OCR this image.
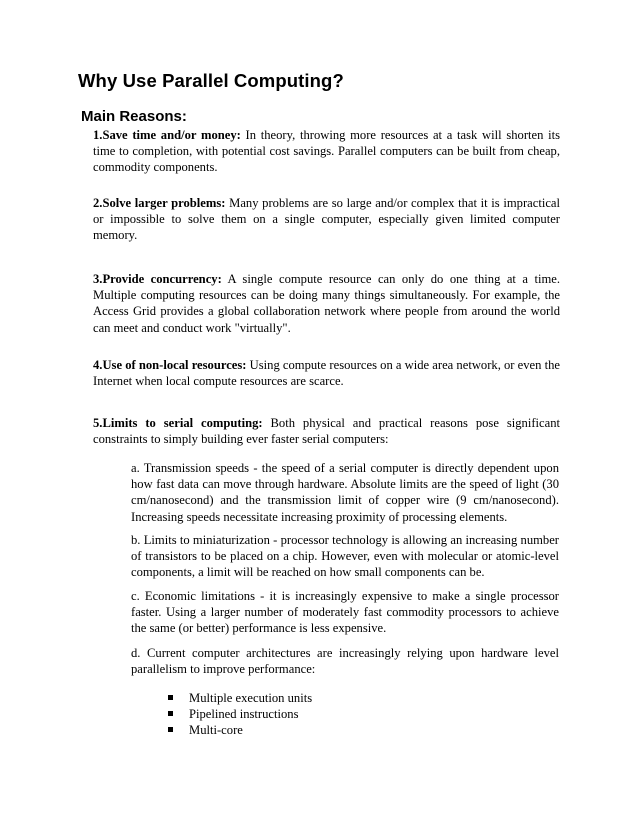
Why Use Parallel Computing?
Main Reasons:

1.Save time and/or money: In theory, throwing more resources at a task will shorten its time to completion, with potential cost savings. Parallel computers can be built from cheap, commodity components.

2.Solve larger problems: Many problems are so large and/or complex that it is impractical or impossible to solve them on a single computer, especially given limited computer memory.

3.Provide concurrency: A single compute resource can only do one thing at a time. Multiple computing resources can be doing many things simultaneously. For example, the Access Grid provides a global collaboration network where people from around the world can meet and conduct work "virtually".

4.Use of non-local resources: Using compute resources on a wide area network, or even the Internet when local compute resources are scarce.

5.Limits to serial computing: Both physical and practical reasons pose significant constraints to simply building ever faster serial computers:

a. Transmission speeds - the speed of a serial computer is directly dependent upon how fast data can move through hardware. Absolute limits are the speed of light (30 cm/nanosecond) and the transmission limit of copper wire (9 cm/nanosecond). Increasing speeds necessitate increasing proximity of processing elements.

b. Limits to miniaturization - processor technology is allowing an increasing number of transistors to be placed on a chip. However, even with molecular or atomic-level components, a limit will be reached on how small components can be.

c. Economic limitations - it is increasingly expensive to make a single processor faster. Using a larger number of moderately fast commodity processors to achieve the same (or better) performance is less expensive.

d. Current computer architectures are increasingly relying upon hardware level parallelism to improve performance:

Multiple execution units
Pipelined instructions
Multi-core
